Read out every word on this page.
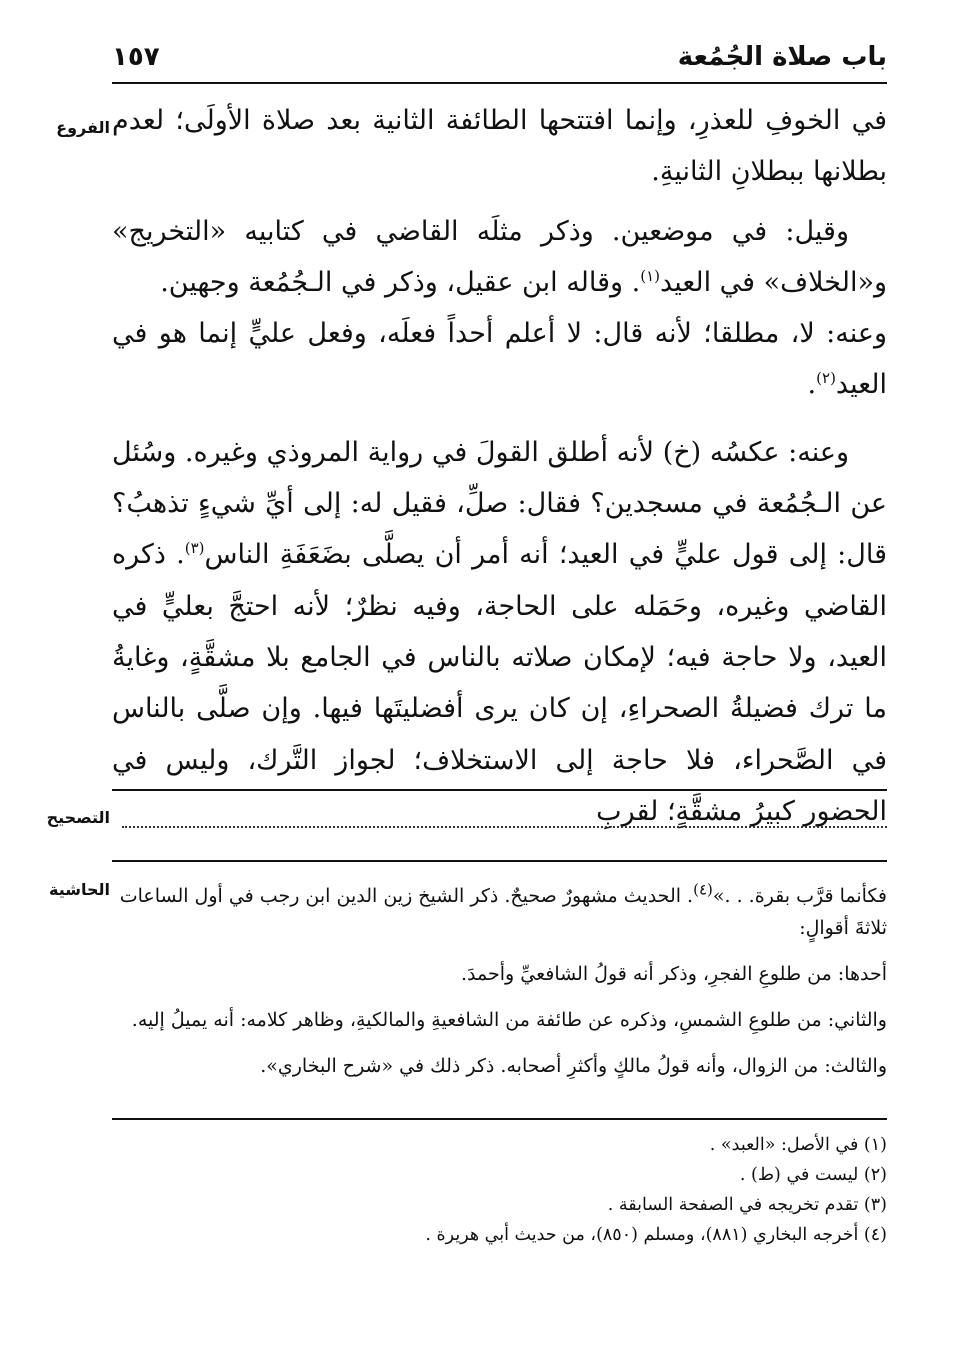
باب صلاة الجُمُعة
١٥٧
الفروع في الخوفِ للعذرِ، وإنما افتتحها الطائفة الثانية بعد صلاة الأولَى؛ لعدم بطلانها ببطلانِ الثانيةِ.

وقيل: في موضعين. وذكر مثلَه القاضي في كتابيه «التخريج» و«الخلاف» في العيد$^{(١)}$. وقاله ابن عقيل، وذكر في الـجُمُعة وجهين.

وعنه: لا، مطلقا؛ لأنه قال: لا أعلم أحداً فعلَه، وفعل عليٍّ إنما هو في العيد$^{(٢)}$.

وعنه: عكسُه (خ) لأنه أطلق القولَ في رواية المروذي وغيره. وسُئل عن الـجُمُعة في مسجدين؟ فقال: صلِّ، فقيل له: إلى أيِّ شيءٍ تذهبُ؟ قال: إلى قول عليٍّ في العيد؛ أنه أمر أن يصلَّى بضَعَفَةِ الناس$^{(٣)}$. ذكره القاضي وغيره، وحَمَله على الحاجة، وفيه نظرٌ؛ لأنه احتجَّ بعليٍّ في العيد، ولا حاجة فيه؛ لإمكان صلاته بالناس في الجامع بلا مشقَّةٍ، وغايةُ ما ترك فضيلةُ الصحراءِ، إن كان يرى أفضليتَها فيها. وإن صلَّى بالناس في الصَّحراء، فلا حاجة إلى الاستخلاف؛ لجواز التَّرك، وليس في الحضور كبيرُ مشقَّةٍ؛ لقربِ

التصحيح
الحاشية	فكأنما قرَّب بقرة. . .»$^{(٤)}$. الحديث مشهورٌ صحيحٌ. ذكر الشيخ زين الدين ابن رجب في أول الساعات ثلاثةَ أقوالٍ:

أحدها: من طلوعِ الفجرِ، وذكر أنه قولُ الشافعيِّ وأحمدَ.

والثاني: من طلوعِ الشمسِ، وذكره عن طائفة من الشافعيةِ والمالكيةِ، وظاهر كلامه: أنه يميلُ إليه.

والثالث: من الزوال، وأنه قولُ مالكٍ وأكثرِ أصحابه. ذكر ذلك في «شرح البخاري».

(١) في الأصل: «العبد» .

(٢) ليست في (ط) .

(٣) تقدم تخريجه في الصفحة السابقة .

(٤) أخرجه البخاري (٨٨١)، ومسلم (٨٥٠)، من حديث أبي هريرة .
